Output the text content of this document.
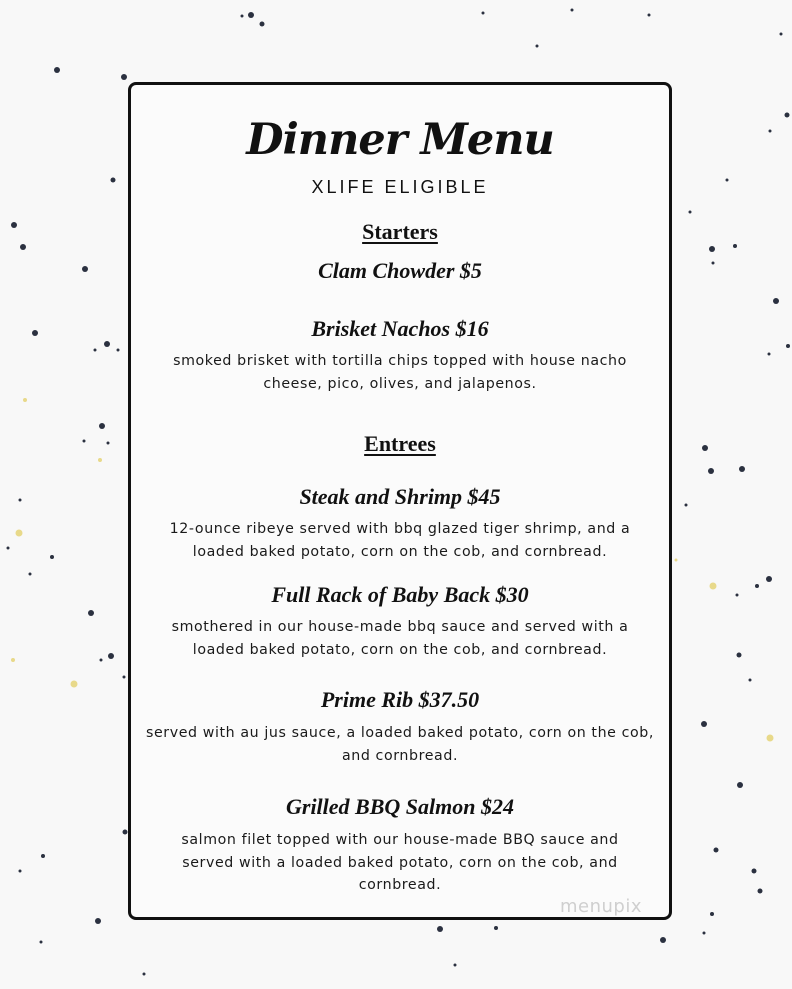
Dinner Menu
XLIFE ELIGIBLE
Starters
Clam Chowder $5
Brisket Nachos $16
smoked brisket with tortilla chips topped with house nacho cheese, pico, olives, and jalapenos.
Entrees
Steak and Shrimp $45
12-ounce ribeye served with bbq glazed tiger shrimp, and a loaded baked potato, corn on the cob, and cornbread.
Full Rack of Baby Back $30
smothered in our house-made bbq sauce and served with a loaded baked potato, corn on the cob, and cornbread.
Prime Rib $37.50
served with au jus sauce, a loaded baked potato, corn on the cob, and cornbread.
Grilled BBQ Salmon $24
salmon filet topped with our house-made BBQ sauce and served with a loaded baked potato, corn on the cob, and cornbread.
menupix
